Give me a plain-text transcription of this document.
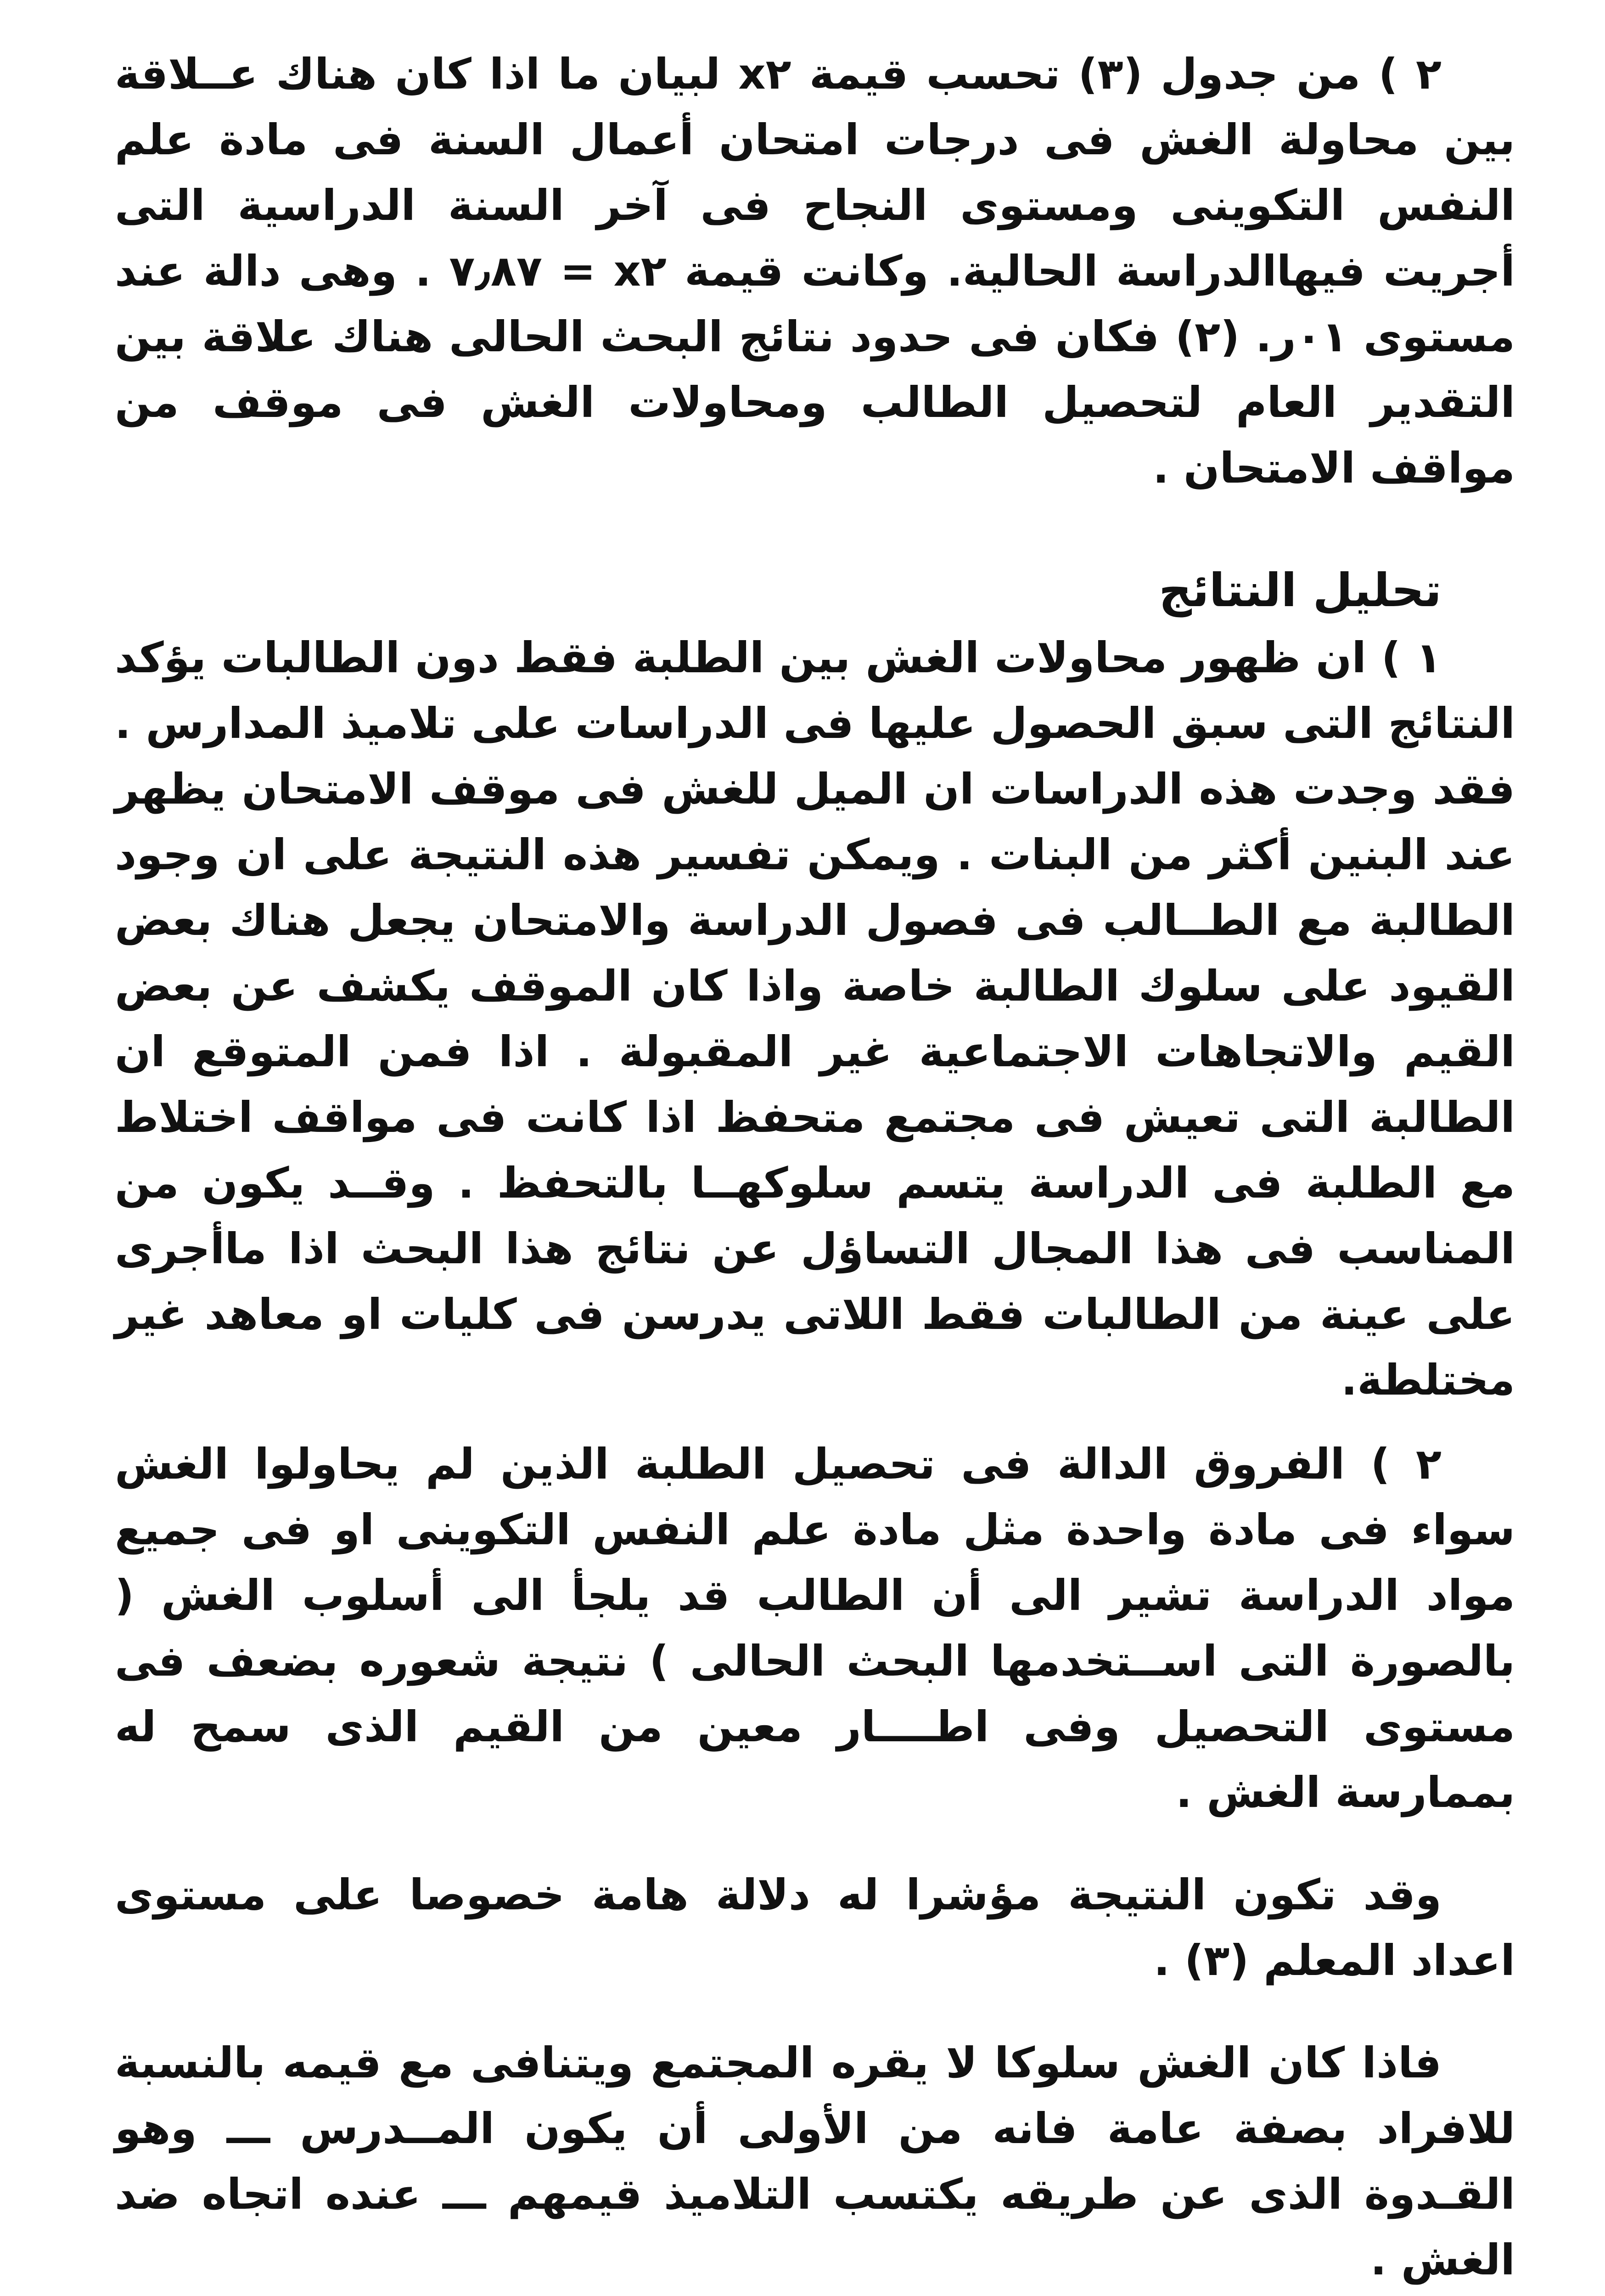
٢ ) من جدول (٣) تحسب قيمة x٢ لبيان ما اذا كان هناك عــلاقة بين محاولة الغش فى درجات امتحان أعمال السنة فى مادة علم النفس التكوينى ومستوى النجاح فى آخر السنة الدراسية التى أجريت فيهاالدراسة الحالية. وكانت قيمة x٢ = ٧٫٨٧ . وهى دالة عند مستوى ٠١ر. (٢) فكان فى حدود نتائج البحث الحالى هناك علاقة بين التقدير العام لتحصيل الطالب ومحاولات الغش فى موقف من مواقف الامتحان .

تحليل النتائج

١ ) ان ظهور محاولات الغش بين الطلبة فقط دون الطالبات يؤكد النتائج التى سبق الحصول عليها فى الدراسات على تلاميذ المدارس . فقد وجدت هذه الدراسات ان الميل للغش فى موقف الامتحان يظهر عند البنين أكثر من البنات . ويمكن تفسير هذه النتيجة على ان وجود الطالبة مع الطــالب فى فصول الدراسة والامتحان يجعل هناك بعض القيود على سلوك الطالبة خاصة واذا كان الموقف يكشف عن بعض القيم والاتجاهات الاجتماعية غير المقبولة . اذا فمن المتوقع ان الطالبة التى تعيش فى مجتمع متحفظ اذا كانت فى مواقف اختلاط مع الطلبة فى الدراسة يتسم سلوكهــا بالتحفظ . وقــد يكون من المناسب فى هذا المجال التساؤل عن نتائج هذا البحث اذا ماأجرى على عينة من الطالبات فقط اللاتى يدرسن فى كليات او معاهد غير مختلطة.

٢ ) الفروق الدالة فى تحصيل الطلبة الذين لم يحاولوا الغش سواء فى مادة واحدة مثل مادة علم النفس التكوينى او فى جميع مواد الدراسة تشير الى أن الطالب قد يلجأ الى أسلوب الغش ( بالصورة التى اســتخدمها البحث الحالى ) نتيجة شعوره بضعف فى مستوى التحصيل وفى اطــــار معين من القيم الذى سمح له بممارسة الغش .

وقد تكون النتيجة مؤشرا له دلالة هامة خصوصا على مستوى اعداد المعلم (٣) .

فاذا كان الغش سلوكا لا يقره المجتمع ويتنافى مع قيمه بالنسبة للافراد بصفة عامة فانه من الأولى أن يكون المــدرس ـــ وهو القـدوة الذى عن طريقه يكتسب التلاميذ قيمهم ـــ عنده اتجاه ضد الغش .
